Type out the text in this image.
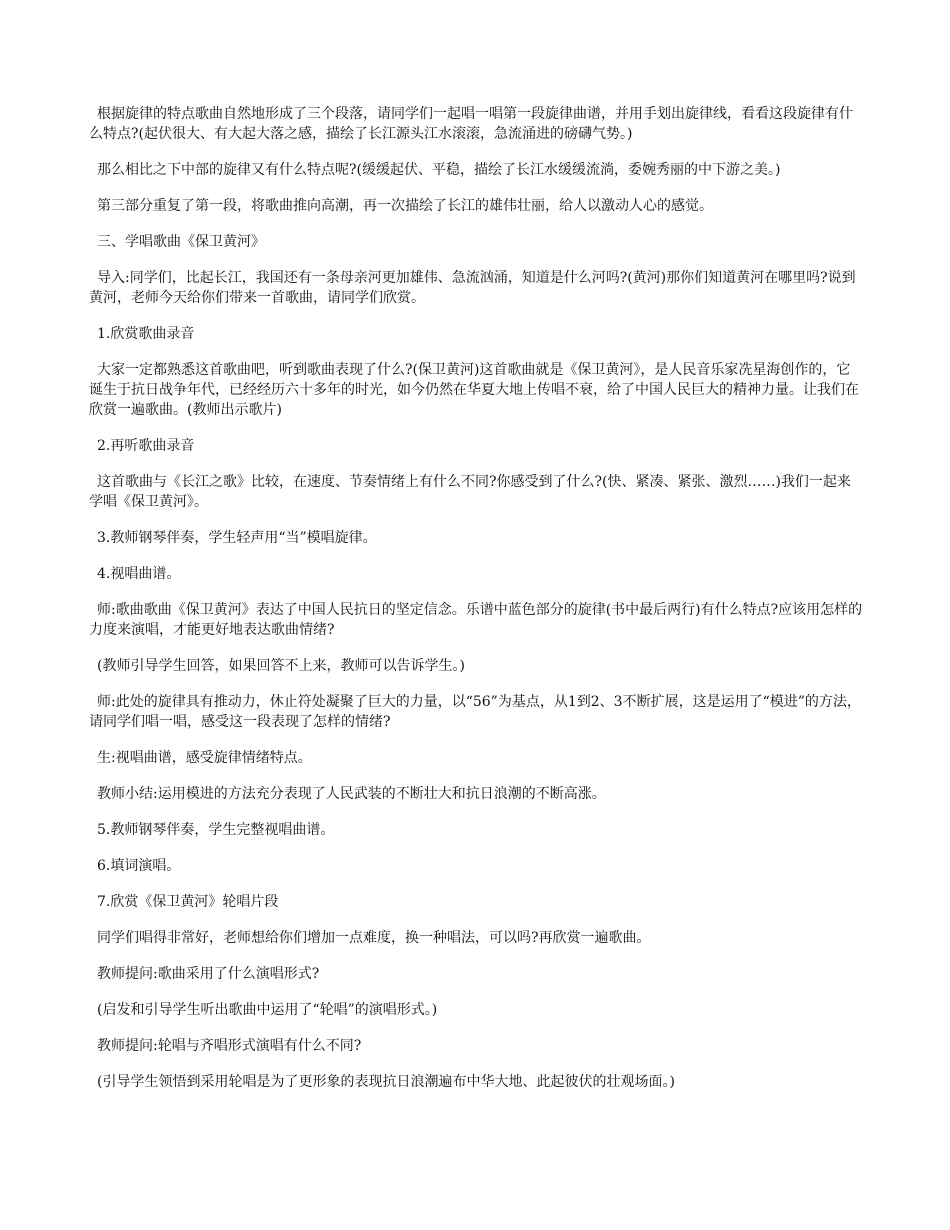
根据旋律的特点歌曲自然地形成了三个段落，请同学们一起唱一唱第一段旋律曲谱，并用手划出旋律线，看看这段旋律有什么特点?(起伏很大、有大起大落之感，描绘了长江源头江水滚滚，急流涌进的磅礴气势。)

那么相比之下中部的旋律又有什么特点呢?(缓缓起伏、平稳，描绘了长江水缓缓流淌，委婉秀丽的中下游之美。)

第三部分重复了第一段，将歌曲推向高潮，再一次描绘了长江的雄伟壮丽，给人以激动人心的感觉。

三、学唱歌曲《保卫黄河》

导入:同学们，比起长江，我国还有一条母亲河更加雄伟、急流汹涌，知道是什么河吗?(黄河)那你们知道黄河在哪里吗?说到黄河，老师今天给你们带来一首歌曲，请同学们欣赏。

1.欣赏歌曲录音

大家一定都熟悉这首歌曲吧，听到歌曲表现了什么?(保卫黄河)这首歌曲就是《保卫黄河》，是人民音乐家冼星海创作的，它诞生于抗日战争年代，已经经历六十多年的时光，如今仍然在华夏大地上传唱不衰，给了中国人民巨大的精神力量。让我们在欣赏一遍歌曲。(教师出示歌片)

2.再听歌曲录音

这首歌曲与《长江之歌》比较，在速度、节奏情绪上有什么不同?你感受到了什么?(快、紧凑、紧张、激烈……)我们一起来学唱《保卫黄河》。

3.教师钢琴伴奏，学生轻声用“当”模唱旋律。

4.视唱曲谱。

师:歌曲歌曲《保卫黄河》表达了中国人民抗日的坚定信念。乐谱中蓝色部分的旋律(书中最后两行)有什么特点?应该用怎样的力度来演唱，才能更好地表达歌曲情绪?

(教师引导学生回答，如果回答不上来，教师可以告诉学生。)

师:此处的旋律具有推动力，休止符处凝聚了巨大的力量，以“56”为基点，从1到2、3不断扩展，这是运用了“模进”的方法，请同学们唱一唱，感受这一段表现了怎样的情绪?

生:视唱曲谱，感受旋律情绪特点。

教师小结:运用模进的方法充分表现了人民武装的不断壮大和抗日浪潮的不断高涨。

5.教师钢琴伴奏，学生完整视唱曲谱。

6.填词演唱。

7.欣赏《保卫黄河》轮唱片段

同学们唱得非常好，老师想给你们增加一点难度，换一种唱法，可以吗?再欣赏一遍歌曲。

教师提问:歌曲采用了什么演唱形式?

(启发和引导学生听出歌曲中运用了“轮唱”的演唱形式。)

教师提问:轮唱与齐唱形式演唱有什么不同?

(引导学生领悟到采用轮唱是为了更形象的表现抗日浪潮遍布中华大地、此起彼伏的壮观场面。)
